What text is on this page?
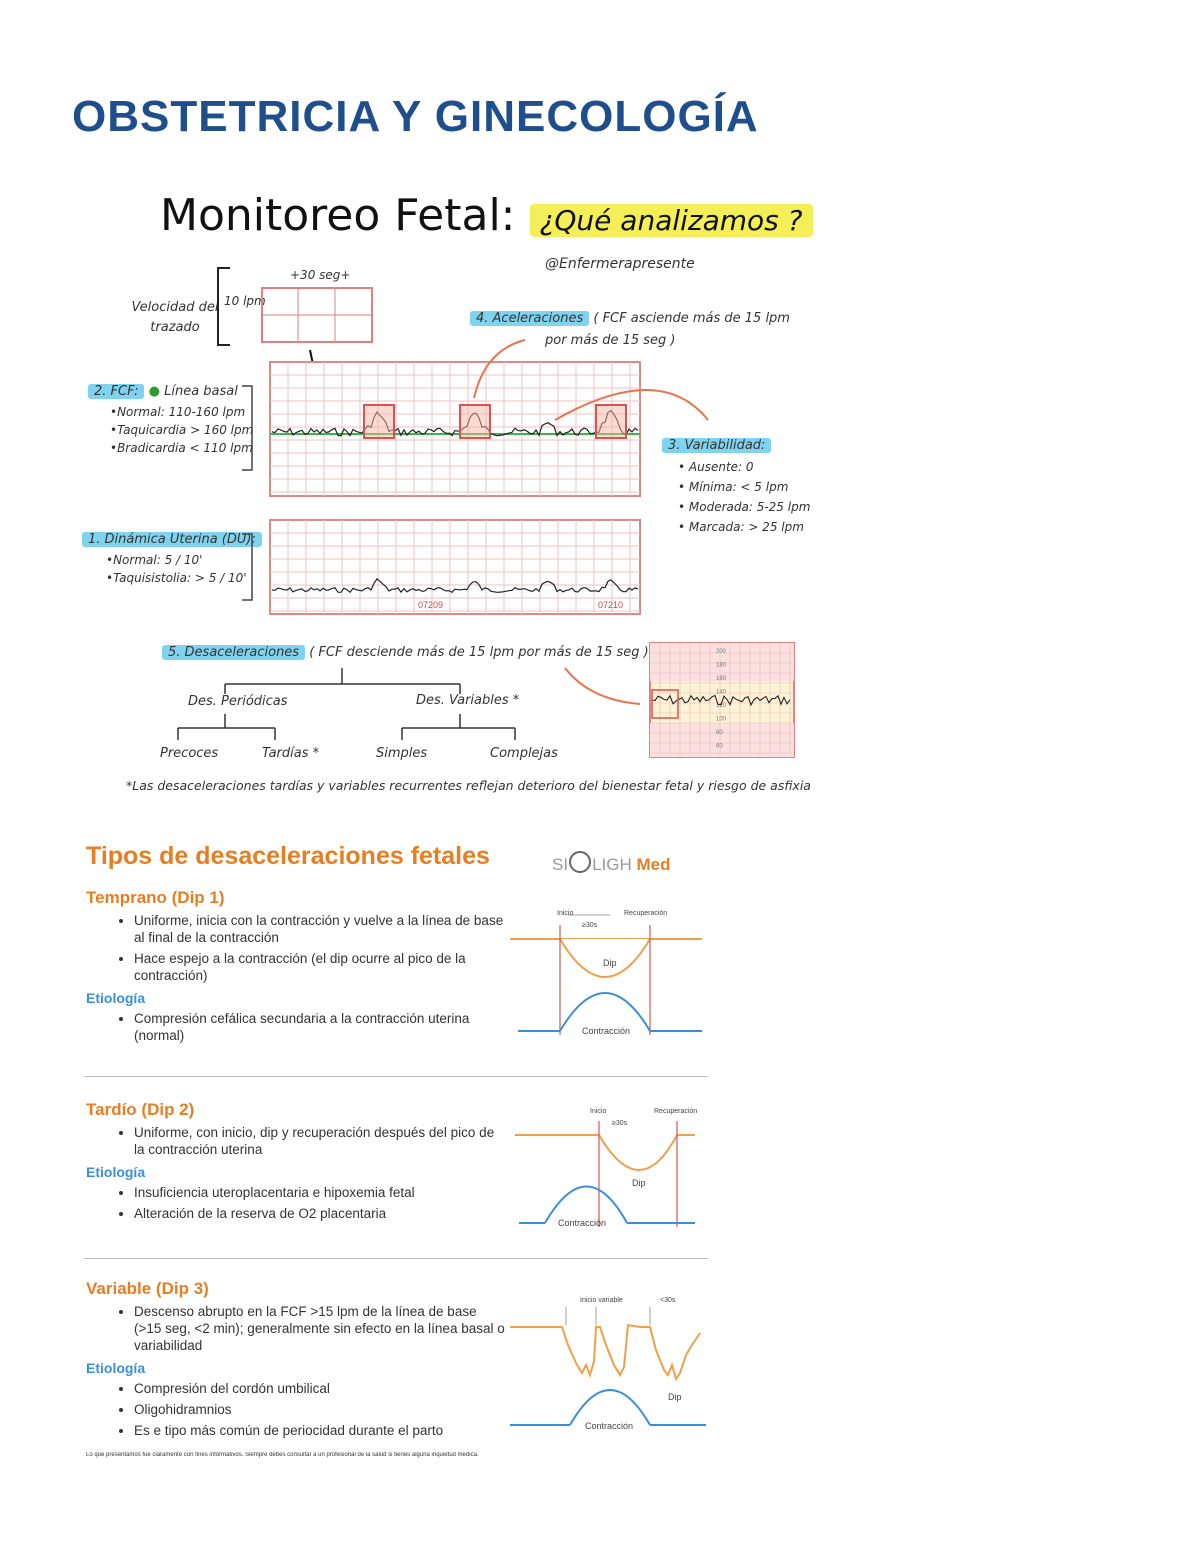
OBSTETRICIA Y GINECOLOGÍA
Monitoreo Fetal: ¿Qué analizamos ?
@Enfermerapresente
Velocidad del
trazado
+30 seg+
10 lpm
4. Aceleraciones ( FCF asciende más de 15 lpm
por más de 15 seg )
2. FCF: ● Línea basal
•Normal: 110-160 lpm
•Taquicardia > 160 lpm
•Bradicardia < 110 lpm	3. Variabilidad:
• Ausente: 0
• Mínima: < 5 lpm
• Moderada: 5-25 lpm
• Marcada: > 25 lpm
1. Dinámica Uterina (DU):
•Normal: 5 / 10'
•Taquisistolia: > 5 / 10'
200
180
160
140
120
100
80
60
07209	07210
5. Desaceleraciones ( FCF desciende más de 15 lpm por más de 15 seg )
Des. Periódicas	Des. Variables *
Precoces	Tardías *	Simples	Complejas
*Las desaceleraciones tardías y variables recurrentes reflejan deterioro del bienestar fetal y riesgo de asfixia
Tipos de desaceleraciones fetales	SI LIGH Med
Temprano (Dip 1)
• Uniforme, inicia con la contracción y vuelve a la línea de base al final de la contracción
• Hace espejo a la contracción (el dip ocurre al pico de la contracción)
Etiología
• Compresión cefálica secundaria a la contracción uterina (normal)
Inicio	Recuperación
≥30s
Dip
Contracción
Tardío (Dip 2)
• Uniforme, con inicio, dip y recuperación después del pico de la contracción uterina
Etiología
• Insuficiencia uteroplacentaria e hipoxemia fetal
• Alteración de la reserva de O2 placentaria
Inicio	Recuperación
≥30s
Dip
Contracción
Variable (Dip 3)
• Descenso abrupto en la FCF >15 lpm de la línea de base (>15 seg, <2 min); generalmente sin efecto en la línea basal o variabilidad
Etiología
• Compresión del cordón umbilical
• Oligohidramnios
• Es e tipo más común de periocidad durante el parto
Inicio variable	<30s
Dip
Contracción
Lo que presentamos fue claramente con fines informativos. Siempre debes consultar a un profesional de la salud si tienes alguna inquietud médica.
